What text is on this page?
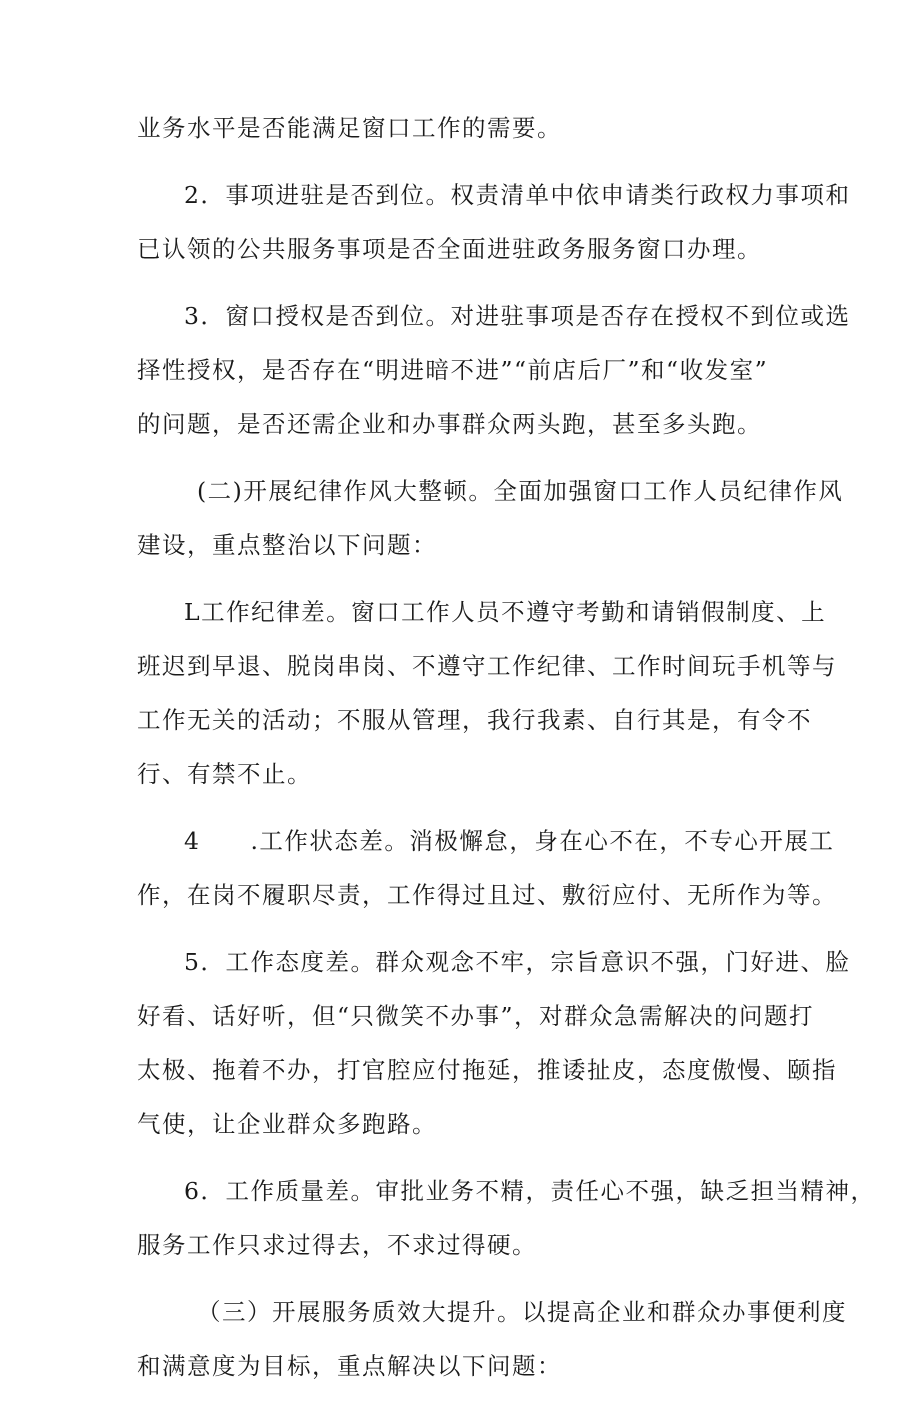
业务水平是否能满足窗口工作的需要。

2．事项进驻是否到位。权责清单中依申请类行政权力事项和
已认领的公共服务事项是否全面进驻政务服务窗口办理。

3．窗口授权是否到位。对进驻事项是否存在授权不到位或选
择性授权，是否存在“明进暗不进”“前店后厂”和“收发室”
的问题，是否还需企业和办事群众两头跑，甚至多头跑。

(二)开展纪律作风大整顿。全面加强窗口工作人员纪律作风
建设，重点整治以下问题：

L工作纪律差。窗口工作人员不遵守考勤和请销假制度、上
班迟到早退、脱岗串岗、不遵守工作纪律、工作时间玩手机等与
工作无关的活动；不服从管理，我行我素、自行其是，有令不
行、有禁不止。

4　　.工作状态差。消极懈怠，身在心不在，不专心开展工
作，在岗不履职尽责，工作得过且过、敷衍应付、无所作为等。

5．工作态度差。群众观念不牢，宗旨意识不强，门好进、脸
好看、话好听，但“只微笑不办事”，对群众急需解决的问题打
太极、拖着不办，打官腔应付拖延，推诿扯皮，态度傲慢、颐指
气使，让企业群众多跑路。

6．工作质量差。审批业务不精，责任心不强，缺乏担当精神，
服务工作只求过得去，不求过得硬。

（三）开展服务质效大提升。以提高企业和群众办事便利度
和满意度为目标，重点解决以下问题：
